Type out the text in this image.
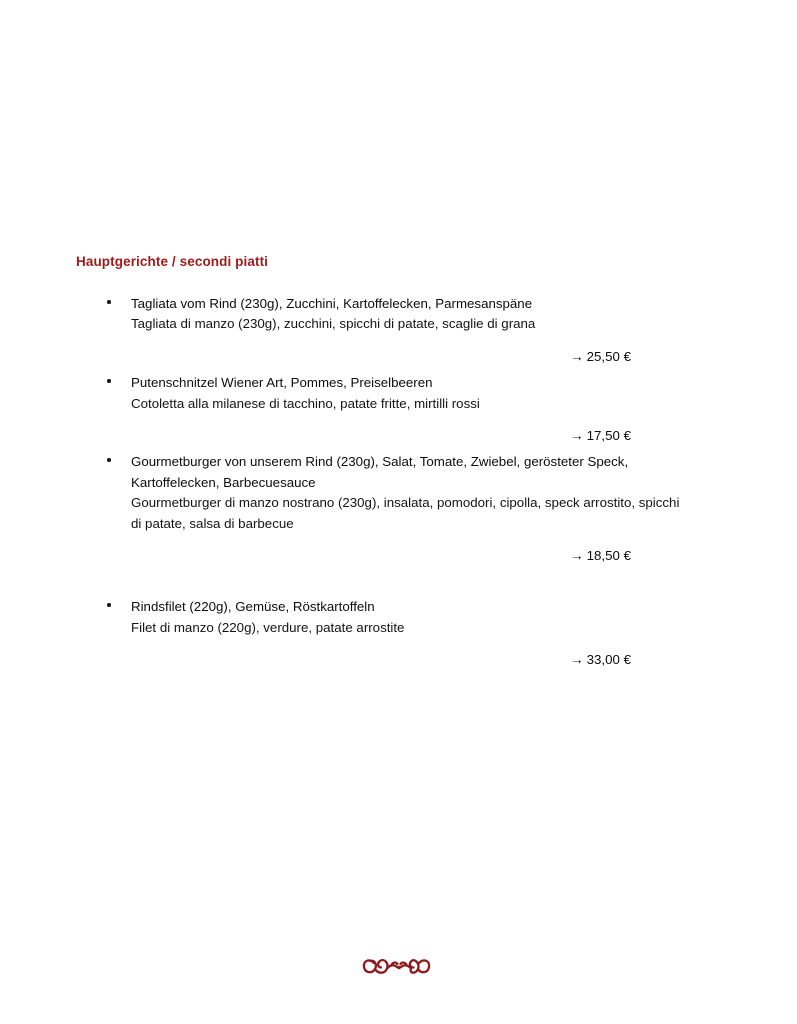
Hauptgerichte / secondi piatti
Tagliata vom Rind (230g), Zucchini, Kartoffelecken, Parmesanspäne
Tagliata di manzo (230g), zucchini, spicchi di patate, scaglie di grana
→ 25,50 €
Putenschnitzel Wiener Art, Pommes, Preiselbeeren
Cotoletta alla milanese di tacchino, patate fritte, mirtilli rossi
→ 17,50 €
Gourmetburger von unserem Rind (230g), Salat, Tomate, Zwiebel, gerösteter Speck, Kartoffelecken, Barbecuesauce
Gourmetburger di manzo nostrano (230g), insalata, pomodori, cipolla, speck arrostito, spicchi di patate, salsa di barbecue
→ 18,50 €
Rindsfilet (220g), Gemüse, Röstkartoffeln
Filet di manzo (220g), verdure, patate arrostite
→ 33,00 €
